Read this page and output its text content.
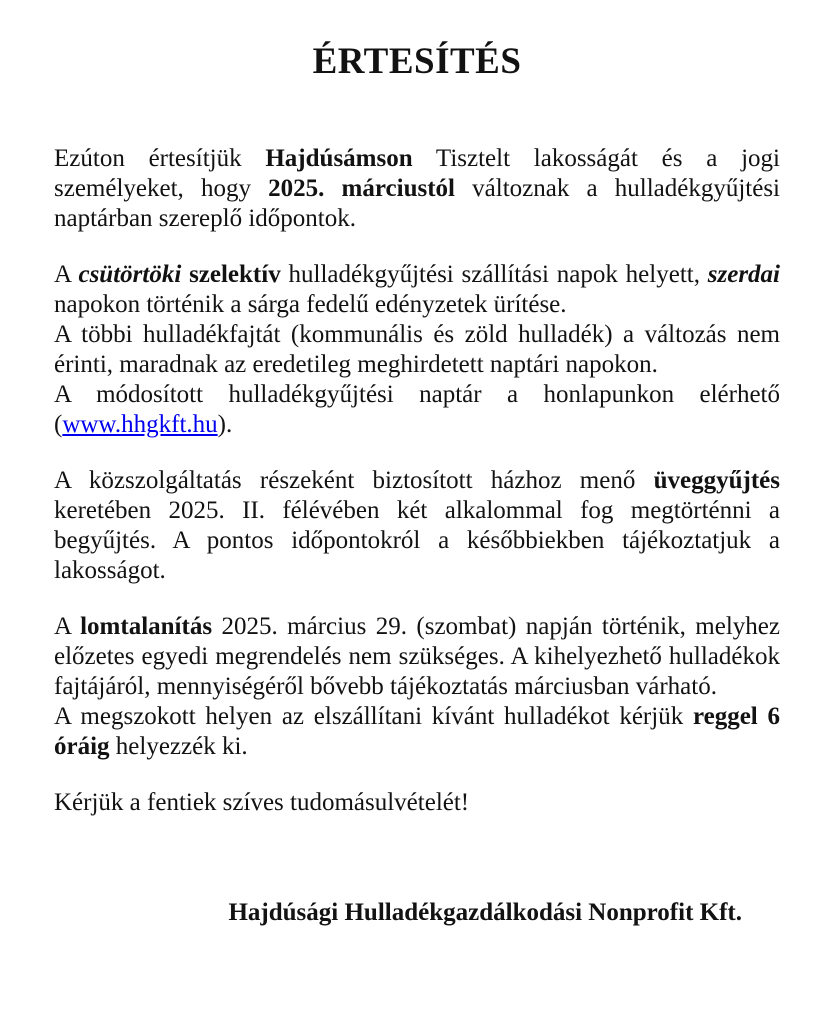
ÉRTESÍTÉS

Ezúton értesítjük Hajdúsámson Tisztelt lakosságát és a jogi személyeket, hogy 2025. márciustól változnak a hulladékgyűjtési naptárban szereplő időpontok.

A csütörtöki szelektív hulladékgyűjtési szállítási napok helyett, szerdai napokon történik a sárga fedelű edényzetek ürítése.

A többi hulladékfajtát (kommunális és zöld hulladék) a változás nem érinti, maradnak az eredetileg meghirdetett naptári napokon.

A módosított hulladékgyűjtési naptár a honlapunkon elérhető (www.hhgkft.hu).

A közszolgáltatás részeként biztosított házhoz menő üveggyűjtés keretében 2025. II. félévében két alkalommal fog megtörténni a begyűjtés. A pontos időpontokról a későbbiekben tájékoztatjuk a lakosságot.

A lomtalanítás 2025. március 29. (szombat) napján történik, melyhez előzetes egyedi megrendelés nem szükséges. A kihelyezhető hulladékok fajtájáról, mennyiségéről bővebb tájékoztatás márciusban várható.

A megszokott helyen az elszállítani kívánt hulladékot kérjük reggel 6 óráig helyezzék ki.

Kérjük a fentiek szíves tudomásulvételét!

Hajdúsági Hulladékgazdálkodási Nonprofit Kft.
